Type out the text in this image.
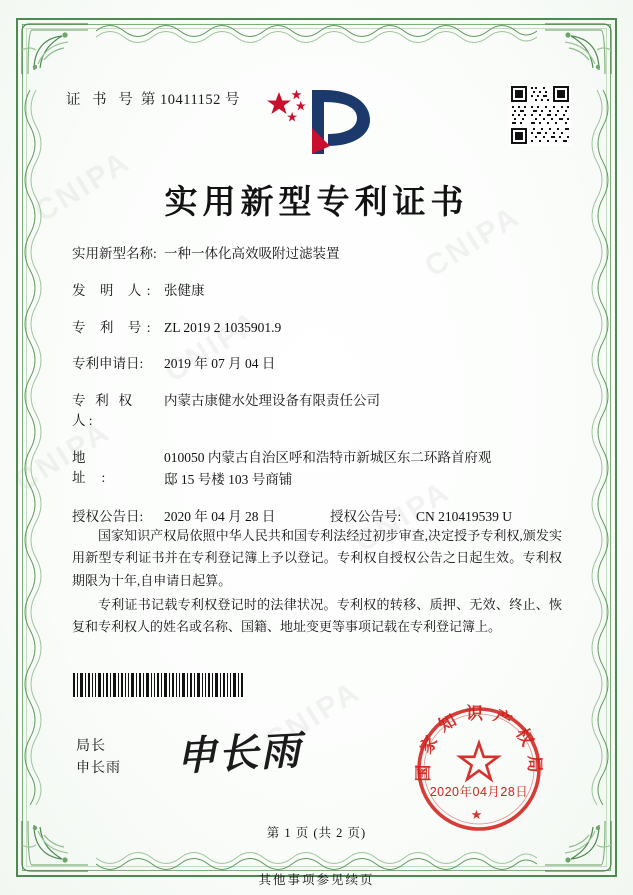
证 书 号 第 10411152 号
实用新型专利证书
实用新型名称: 一种一体化高效吸附过滤装置
发 明 人: 张健康
专 利 号: ZL 2019 2 1035901.9
专利申请日:	2019 年 07 月 04 日
专 利 权 人:
内蒙古康健水处理设备有限责任公司
地 址:
010050 内蒙古自治区呼和浩特市新城区东二环路首府观
邸 15 号楼 103 号商铺
授权公告日:	2020 年 04 月 28 日	授权公告号:	CN 210419539 U

国家知识产权局依照中华人民共和国专利法经过初步审查,决定授予专利权,颁发实用新型专利证书并在专利登记簿上予以登记。专利权自授权公告之日起生效。专利权期限为十年,自申请日起算。

专利证书记载专利权登记时的法律状况。专利权的转移、质押、无效、终止、恢复和专利权人的姓名或名称、国籍、地址变更等事项记载在专利登记簿上。

局长
申长雨 申长雨	国家知识产权局
★
2020年04月28日
第 1 页 (共 2 页)
其他事项参见续页
